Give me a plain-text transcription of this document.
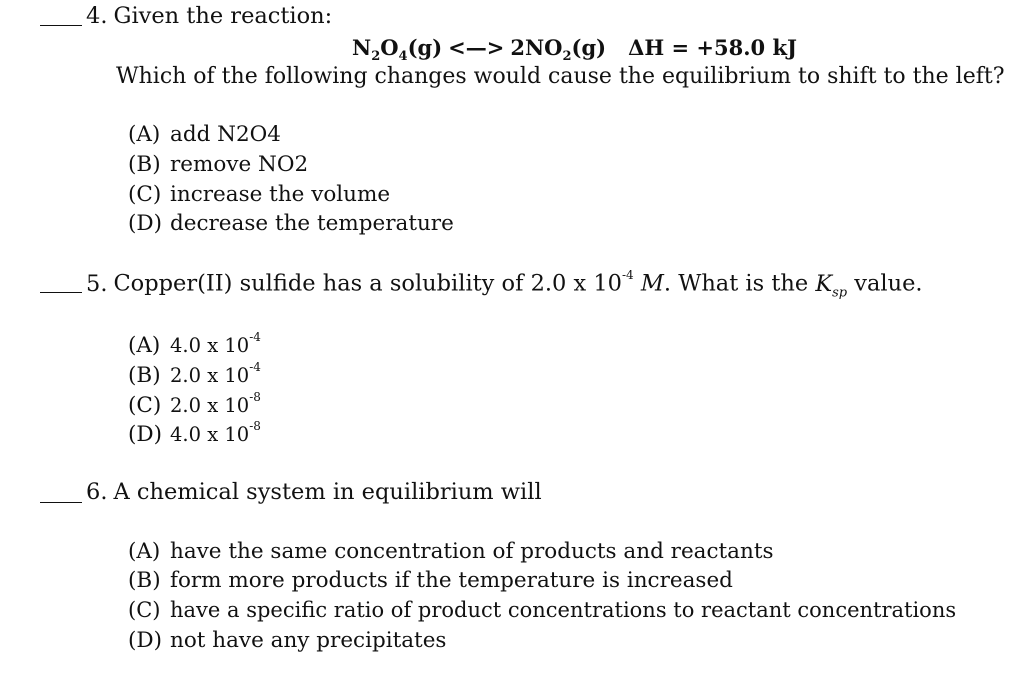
4. Given the reaction:
$N_2O_4(g)$ <—> $2NO_2(g) \Delta H = +58.0$ kJ
Which of the following changes would cause the equilibrium to shift to the left?
(A) add N2O4
(B) remove NO2
(C) increase the volume
(D) decrease the temperature
5. Copper(II) sulfide has a solubility of 2.0 x $10^{-4}$ M. What is the $K_{sp}$ value.
(A) 4.0 x $10^{-4}$
(B) 2.0 x $10^{-4}$
(C) 2.0 x $10^{-8}$
(D) 4.0 x $10^{-8}$
6. A chemical system in equilibrium will
(A) have the same concentration of products and reactants
(B) form more products if the temperature is increased
(C) have a specific ratio of product concentrations to reactant concentrations
(D) not have any precipitates
